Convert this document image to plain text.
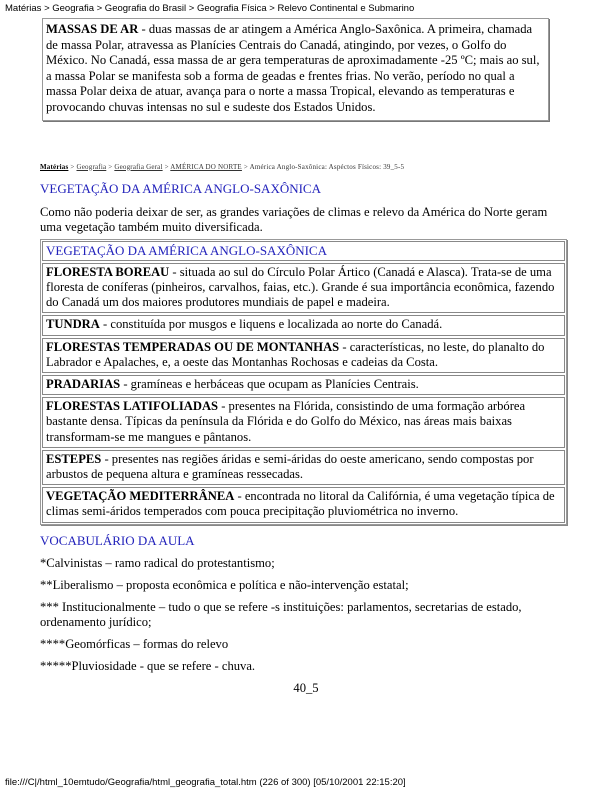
Matérias > Geografia > Geografia do Brasil > Geografia Física > Relevo Continental e Submarino
MASSAS DE AR - duas massas de ar atingem a América Anglo-Saxônica. A primeira, chamada de massa Polar, atravessa as Planícies Centrais do Canadá, atingindo, por vezes, o Golfo do México. No Canadá, essa massa de ar gera temperaturas de aproximadamente -25 ºC; mais ao sul, a massa Polar se manifesta sob a forma de geadas e frentes frias. No verão, período no qual a massa Polar deixa de atuar, avança para o norte a massa Tropical, elevando as temperaturas e provocando chuvas intensas no sul e sudeste dos Estados Unidos.
Matérias > Geografia > Geografia Geral > AMÉRICA DO NORTE > América Anglo-Saxônica: Aspéctos Físicos: 39_5-5
VEGETAÇÃO DA AMÉRICA ANGLO-SAXÔNICA
Como não poderia deixar de ser, as grandes variações de climas e relevo da América do Norte geram uma vegetação também muito diversificada.
VEGETAÇÃO DA AMÉRICA ANGLO-SAXÔNICA
FLORESTA BOREAU - situada ao sul do Círculo Polar Ártico (Canadá e Alasca). Trata-se de uma floresta de coníferas (pinheiros, carvalhos, faias, etc.). Grande é sua importância econômica, fazendo do Canadá um dos maiores produtores mundiais de papel e madeira.
TUNDRA - constituída por musgos e liquens e localizada ao norte do Canadá.
FLORESTAS TEMPERADAS OU DE MONTANHAS - características, no leste, do planalto do Labrador e Apalaches, e, a oeste das Montanhas Rochosas e cadeias da Costa.
PRADARIAS - gramíneas e herbáceas que ocupam as Planícies Centrais.
FLORESTAS LATIFOLIADAS - presentes na Flórida, consistindo de uma formação arbórea bastante densa. Típicas da península da Flórida e do Golfo do México, nas áreas mais baixas transformam-se me mangues e pântanos.
ESTEPES - presentes nas regiões áridas e semi-áridas do oeste americano, sendo compostas por arbustos de pequena altura e gramíneas ressecadas.
VEGETAÇÃO MEDITERRÂNEA - encontrada no litoral da Califórnia, é uma vegetação típica de climas semi-áridos temperados com pouca precipitação pluviométrica no inverno.
VOCABULÁRIO DA AULA

*Calvinistas – ramo radical do protestantismo;

**Liberalismo – proposta econômica e política e não-intervenção estatal;

*** Institucionalmente – tudo o que se refere -s instituições: parlamentos, secretarias de estado, ordenamento jurídico;

****Geomórficas – formas do relevo

*****Pluviosidade - que se refere - chuva.

40_5
file:///C|/html_10emtudo/Geografia/html_geografia_total.htm (226 of 300) [05/10/2001 22:15:20]
